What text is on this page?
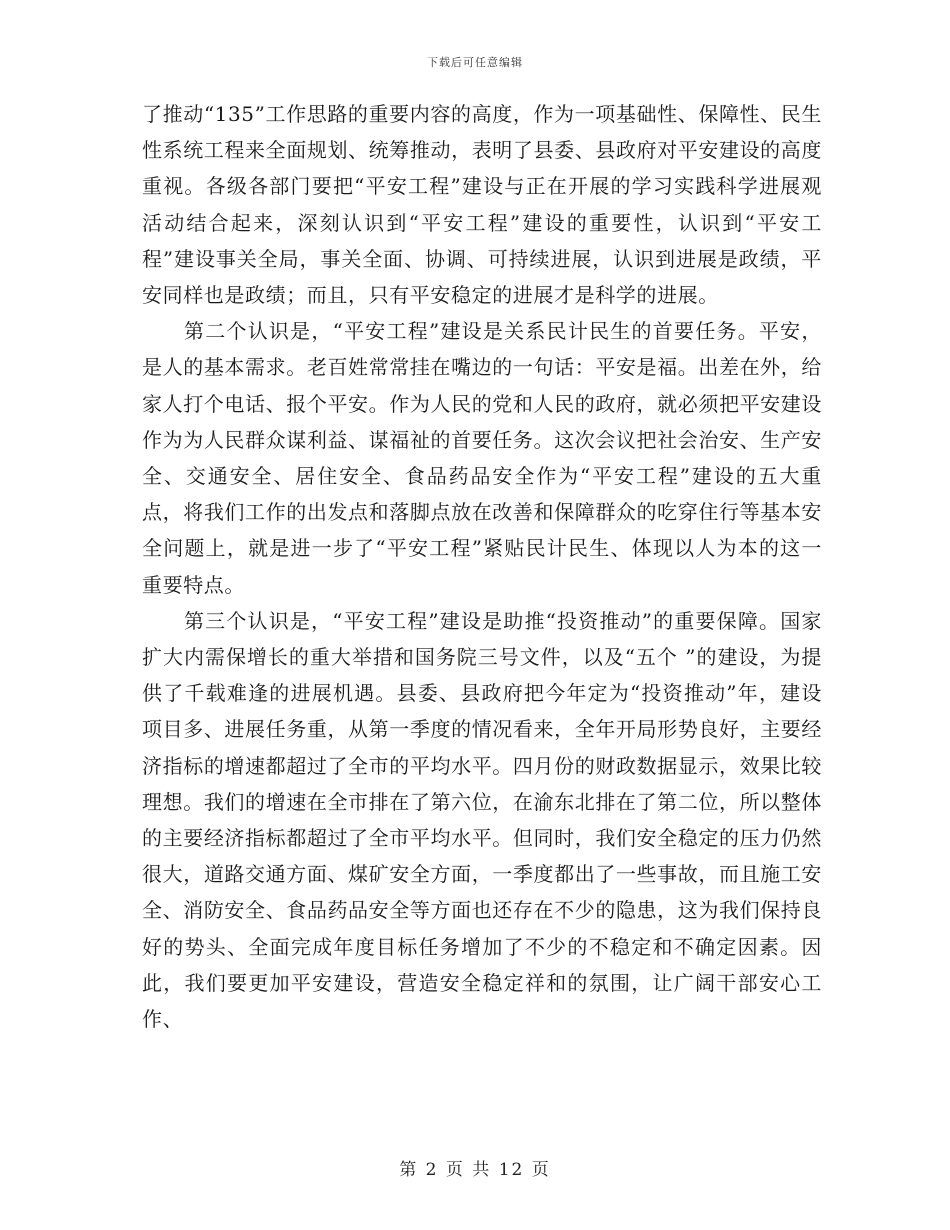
下载后可任意编辑

了推动“135”工作思路的重要内容的高度，作为一项基础性、保障性、民生性系统工程来全面规划、统筹推动，表明了县委、县政府对平安建设的高度重视。各级各部门要把“平安工程”建设与正在开展的学习实践科学进展观活动结合起来，深刻认识到“平安工程”建设的重要性，认识到“平安工程”建设事关全局，事关全面、协调、可持续进展，认识到进展是政绩，平安同样也是政绩；而且，只有平安稳定的进展才是科学的进展。

第二个认识是，“平安工程”建设是关系民计民生的首要任务。平安，是人的基本需求。老百姓常常挂在嘴边的一句话：平安是福。出差在外，给家人打个电话、报个平安。作为人民的党和人民的政府，就必须把平安建设作为为人民群众谋利益、谋福祉的首要任务。这次会议把社会治安、生产安全、交通安全、居住安全、食品药品安全作为“平安工程”建设的五大重点，将我们工作的出发点和落脚点放在改善和保障群众的吃穿住行等基本安全问题上，就是进一步了“平安工程”紧贴民计民生、体现以人为本的这一重要特点。

第三个认识是，“平安工程”建设是助推“投资推动”的重要保障。国家扩大内需保增长的重大举措和国务院三号文件，以及“五个 ”的建设，为提供了千载难逢的进展机遇。县委、县政府把今年定为“投资推动”年，建设项目多、进展任务重，从第一季度的情况看来，全年开局形势良好，主要经济指标的增速都超过了全市的平均水平。四月份的财政数据显示，效果比较理想。我们的增速在全市排在了第六位，在渝东北排在了第二位，所以整体的主要经济指标都超过了全市平均水平。但同时，我们安全稳定的压力仍然很大，道路交通方面、煤矿安全方面，一季度都出了一些事故，而且施工安全、消防安全、食品药品安全等方面也还存在不少的隐患，这为我们保持良好的势头、全面完成年度目标任务增加了不少的不稳定和不确定因素。因此，我们要更加平安建设，营造安全稳定祥和的氛围，让广阔干部安心工作、

第 2 页 共 12 页
